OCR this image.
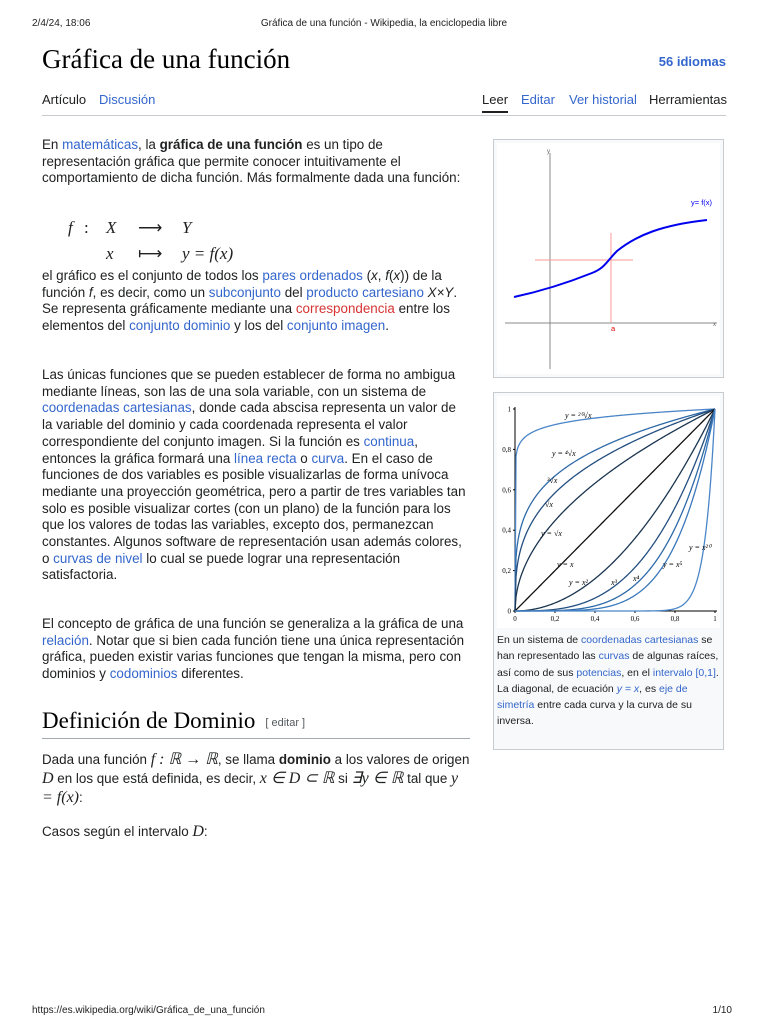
2/4/24, 18:06	Gráfica de una función - Wikipedia, la enciclopedia libre
Gráfica de una función	56 idiomas
Artículo Discusión	Leer Editar Ver historial Herramientas

En matemáticas, la gráfica de una función es un tipo de representación gráfica que permite conocer intuitivamente el comportamiento de dicha función. Más formalmente dada una función:

f :	X	⟶	Y
x	⟼	y = f(x)

el gráfico es el conjunto de todos los pares ordenados (x, f(x)) de la función f, es decir, como un subconjunto del producto cartesiano X×Y. Se representa gráficamente mediante una correspondencia entre los elementos del conjunto dominio y los del conjunto imagen.

Las únicas funciones que se pueden establecer de forma no ambigua mediante líneas, son las de una sola variable, con un sistema de coordenadas cartesianas, donde cada abscisa representa un valor de la variable del dominio y cada coordenada representa el valor correspondiente del conjunto imagen. Si la función es continua, entonces la gráfica formará una línea recta o curva. En el caso de funciones de dos variables es posible visualizarlas de forma unívoca mediante una proyección geométrica, pero a partir de tres variables tan solo es posible visualizar cortes (con un plano) de la función para los que los valores de todas las variables, excepto dos, permanezcan constantes. Algunos software de representación usan además colores, o curvas de nivel lo cual se puede lograr una representación satisfactoria.

El concepto de gráfica de una función se generaliza a la gráfica de una relación. Notar que si bien cada función tiene una única representación gráfica, pueden existir varias funciones que tengan la misma, pero con dominios y codominios diferentes.

Definición de Dominio [ editar ]

Dada una función f : ℝ → ℝ, se llama dominio a los valores de origen D en los que está definida, es decir, x ∈ D ⊂ ℝ si ∃y ∈ ℝ tal que y = f(x):

Casos según el intervalo D:

y
x
y= f(x)
a
1
0,8
0,6
0,4
0,2
0
0	0,2	0,4	0,6	0,8	1
y = ²⁰√x
y = ⁴√x
³√x
√x
y = √x
y = x
y = x²	x³ x⁴
y = x⁵
y = x²⁰
En un sistema de coordenadas cartesianas se han representado las curvas de algunas raíces, así como de sus potencias, en el intervalo [0,1]. La diagonal, de ecuación y = x, es eje de simetría entre cada curva y la curva de su inversa.
https://es.wikipedia.org/wiki/Gráfica_de_una_función	1/10
